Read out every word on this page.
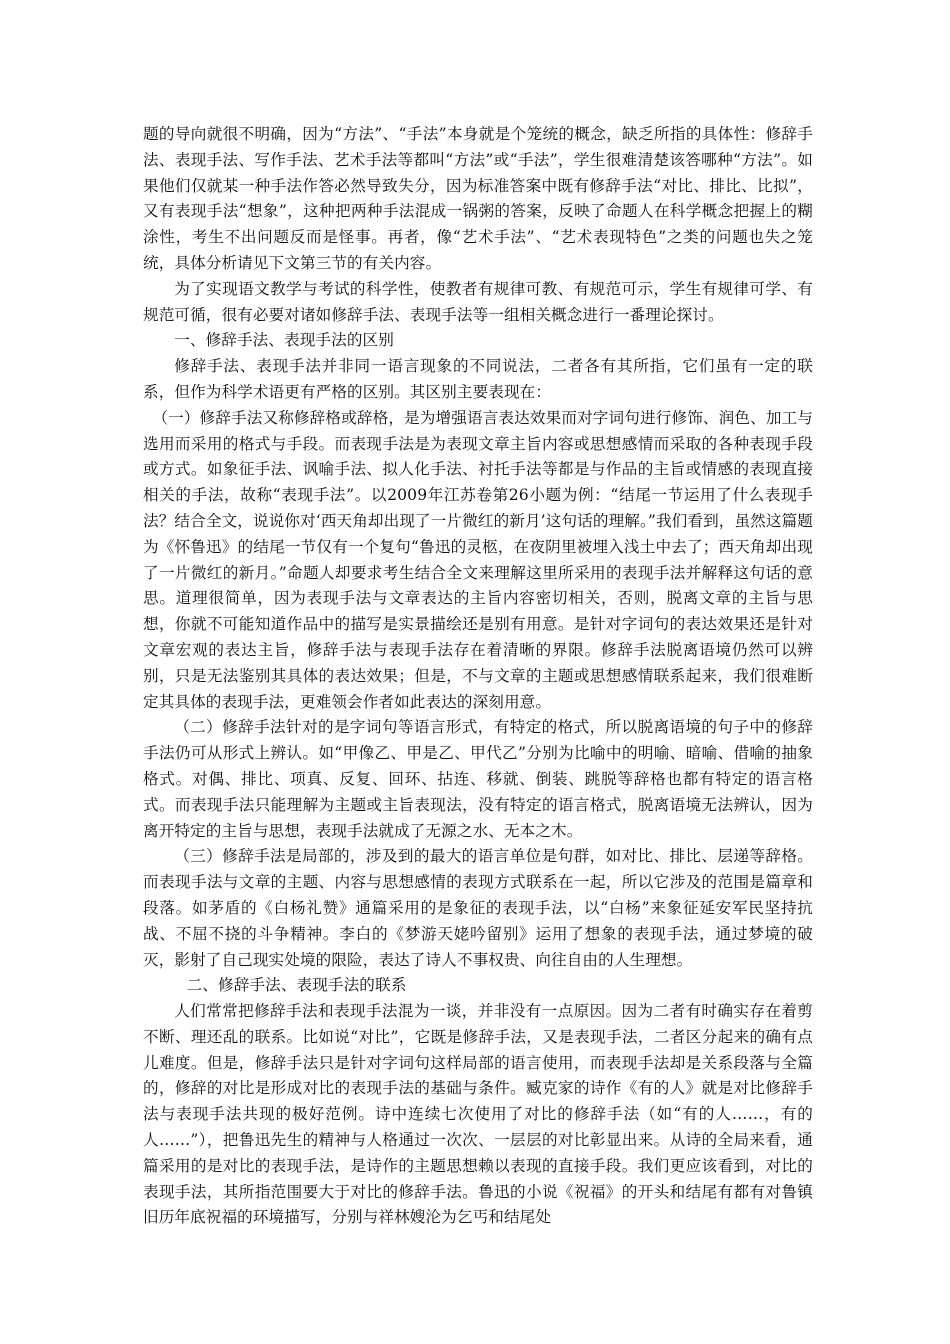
题的导向就很不明确，因为“方法”、“手法”本身就是个笼统的概念，缺乏所指的具体性：修辞手法、表现手法、写作手法、艺术手法等都叫“方法”或“手法”，学生很难清楚该答哪种“方法”。如果他们仅就某一种手法作答必然导致失分，因为标准答案中既有修辞手法“对比、排比、比拟”，又有表现手法“想象”，这种把两种手法混成一锅粥的答案，反映了命题人在科学概念把握上的糊涂性，考生不出问题反而是怪事。再者，像“艺术手法”、“艺术表现特色”之类的问题也失之笼统，具体分析请见下文第三节的有关内容。

为了实现语文教学与考试的科学性，使教者有规律可教、有规范可示，学生有规律可学、有规范可循，很有必要对诸如修辞手法、表现手法等一组相关概念进行一番理论探讨。

一、修辞手法、表现手法的区别

修辞手法、表现手法并非同一语言现象的不同说法，二者各有其所指，它们虽有一定的联系，但作为科学术语更有严格的区别。其区别主要表现在：

（一）修辞手法又称修辞格或辞格，是为增强语言表达效果而对字词句进行修饰、润色、加工与选用而采用的格式与手段。而表现手法是为表现文章主旨内容或思想感情而采取的各种表现手段或方式。如象征手法、讽喻手法、拟人化手法、衬托手法等都是与作品的主旨或情感的表现直接相关的手法，故称“表现手法”。以2009年江苏卷第26小题为例：“结尾一节运用了什么表现手法？结合全文，说说你对‘西天角却出现了一片微红的新月’这句话的理解。”我们看到，虽然这篇题为《怀鲁迅》的结尾一节仅有一个复句“鲁迅的灵柩，在夜阴里被埋入浅土中去了；西天角却出现了一片微红的新月。”命题人却要求考生结合全文来理解这里所采用的表现手法并解释这句话的意思。道理很简单，因为表现手法与文章表达的主旨内容密切相关，否则，脱离文章的主旨与思想，你就不可能知道作品中的描写是实景描绘还是别有用意。是针对字词句的表达效果还是针对文章宏观的表达主旨，修辞手法与表现手法存在着清晰的界限。修辞手法脱离语境仍然可以辨别，只是无法鉴别其具体的表达效果；但是，不与文章的主题或思想感情联系起来，我们很难断定其具体的表现手法，更难领会作者如此表达的深刻用意。

（二）修辞手法针对的是字词句等语言形式，有特定的格式，所以脱离语境的句子中的修辞手法仍可从形式上辨认。如“甲像乙、甲是乙、甲代乙”分别为比喻中的明喻、暗喻、借喻的抽象格式。对偶、排比、项真、反复、回环、拈连、移就、倒装、跳脱等辞格也都有特定的语言格式。而表现手法只能理解为主题或主旨表现法，没有特定的语言格式，脱离语境无法辨认，因为离开特定的主旨与思想，表现手法就成了无源之水、无本之木。

（三）修辞手法是局部的，涉及到的最大的语言单位是句群，如对比、排比、层递等辞格。而表现手法与文章的主题、内容与思想感情的表现方式联系在一起，所以它涉及的范围是篇章和段落。如茅盾的《白杨礼赞》通篇采用的是象征的表现手法，以“白杨”来象征延安军民坚持抗战、不屈不挠的斗争精神。李白的《梦游天姥吟留别》运用了想象的表现手法，通过梦境的破灭，影射了自己现实处境的限险，表达了诗人不事权贵、向往自由的人生理想。

二、修辞手法、表现手法的联系

人们常常把修辞手法和表现手法混为一谈，并非没有一点原因。因为二者有时确实存在着剪不断、理还乱的联系。比如说“对比”，它既是修辞手法，又是表现手法，二者区分起来的确有点儿难度。但是，修辞手法只是针对字词句这样局部的语言使用，而表现手法却是关系段落与全篇的，修辞的对比是形成对比的表现手法的基础与条件。臧克家的诗作《有的人》就是对比修辞手法与表现手法共现的极好范例。诗中连续七次使用了对比的修辞手法（如“有的人……，有的人……”），把鲁迅先生的精神与人格通过一次次、一层层的对比彰显出来。从诗的全局来看，通篇采用的是对比的表现手法，是诗作的主题思想赖以表现的直接手段。我们更应该看到，对比的表现手法，其所指范围要大于对比的修辞手法。鲁迅的小说《祝福》的开头和结尾有都有对鲁镇旧历年底祝福的环境描写，分别与祥林嫂沦为乞丐和结尾处
